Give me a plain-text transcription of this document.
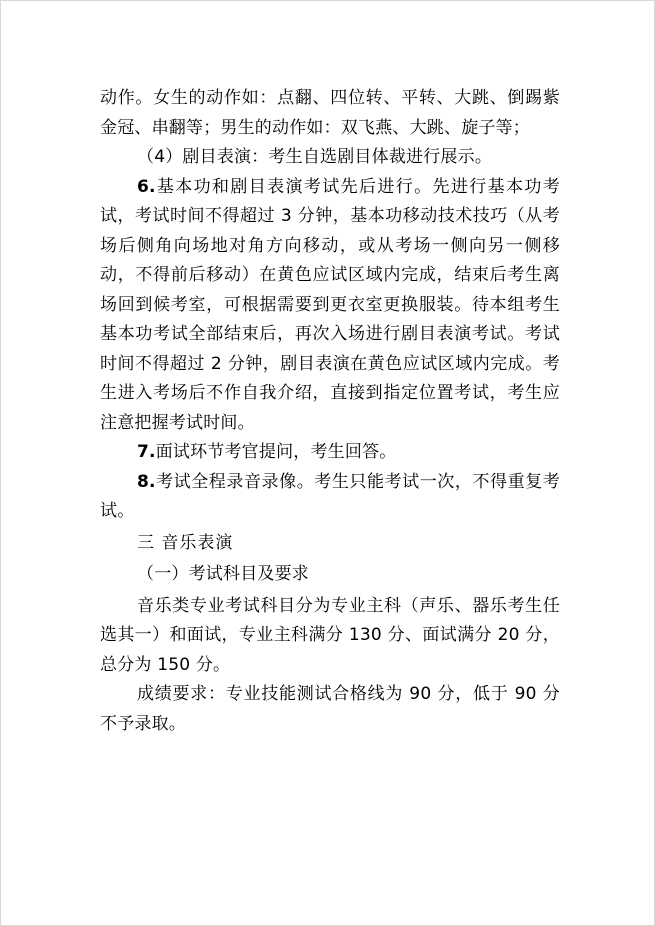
动作。女生的动作如：点翻、四位转、平转、大跳、倒踢紫金冠、串翻等；男生的动作如：双飞燕、大跳、旋子等；

（4）剧目表演：考生自选剧目体裁进行展示。

6.基本功和剧目表演考试先后进行。先进行基本功考试，考试时间不得超过 3 分钟，基本功移动技术技巧（从考场后侧角向场地对角方向移动，或从考场一侧向另一侧移动，不得前后移动）在黄色应试区域内完成，结束后考生离场回到候考室，可根据需要到更衣室更换服装。待本组考生基本功考试全部结束后，再次入场进行剧目表演考试。考试时间不得超过 2 分钟，剧目表演在黄色应试区域内完成。考生进入考场后不作自我介绍，直接到指定位置考试，考生应注意把握考试时间。

7.面试环节考官提问，考生回答。

8.考试全程录音录像。考生只能考试一次，不得重复考试。

三 音乐表演

（一）考试科目及要求

音乐类专业考试科目分为专业主科（声乐、器乐考生任选其一）和面试，专业主科满分 130 分、面试满分 20 分，总分为 150 分。

成绩要求：专业技能测试合格线为 90 分，低于 90 分不予录取。
